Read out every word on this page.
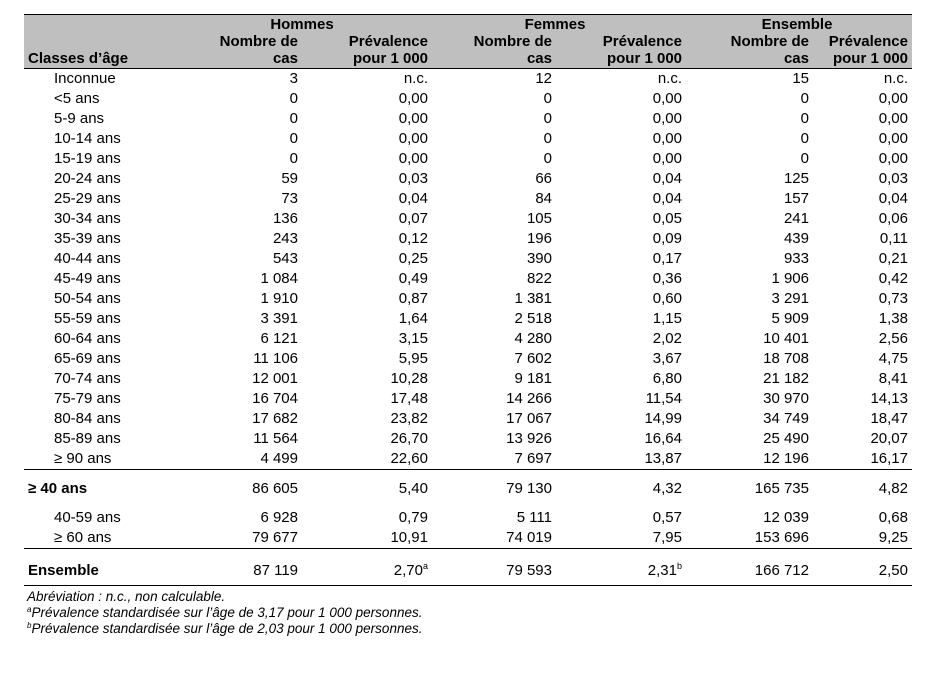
	Hommes		Femmes		Ensemble	
	Nombre de	Prévalence	Nombre de	Prévalence	Nombre de	Prévalence
Classes d’âge	cas	pour 1 000	cas	pour 1 000	cas	pour 1 000
Inconnue	3	n.c.	12	n.c.	15	n.c.
<5 ans	0	0,00	0	0,00	0	0,00
5-9 ans	0	0,00	0	0,00	0	0,00
10-14 ans	0	0,00	0	0,00	0	0,00
15-19 ans	0	0,00	0	0,00	0	0,00
20-24 ans	59	0,03	66	0,04	125	0,03
25-29 ans	73	0,04	84	0,04	157	0,04
30-34 ans	136	0,07	105	0,05	241	0,06
35-39 ans	243	0,12	196	0,09	439	0,11
40-44 ans	543	0,25	390	0,17	933	0,21
45-49 ans	1 084	0,49	822	0,36	1 906	0,42
50-54 ans	1 910	0,87	1 381	0,60	3 291	0,73
55-59 ans	3 391	1,64	2 518	1,15	5 909	1,38
60-64 ans	6 121	3,15	4 280	2,02	10 401	2,56
65-69 ans	11 106	5,95	7 602	3,67	18 708	4,75
70-74 ans	12 001	10,28	9 181	6,80	21 182	8,41
75-79 ans	16 704	17,48	14 266	11,54	30 970	14,13
80-84 ans	17 682	23,82	17 067	14,99	34 749	18,47
85-89 ans	11 564	26,70	13 926	16,64	25 490	20,07
≥ 90 ans	4 499	22,60	7 697	13,87	12 196	16,17

≥ 40 ans	86 605	5,40	79 130	4,32	165 735	4,82

40-59 ans	6 928	0,79	5 111	0,57	12 039	0,68
≥ 60 ans	79 677	10,91	74 019	7,95	153 696	9,25

Ensemble	87 119	2,70$^a$	79 593	2,31$^b$	166 712	2,50
Abréviation : n.c., non calculable.
$^a$Prévalence standardisée sur l’âge de 3,17 pour 1 000 personnes.
$^b$Prévalence standardisée sur l’âge de 2,03 pour 1 000 personnes.
